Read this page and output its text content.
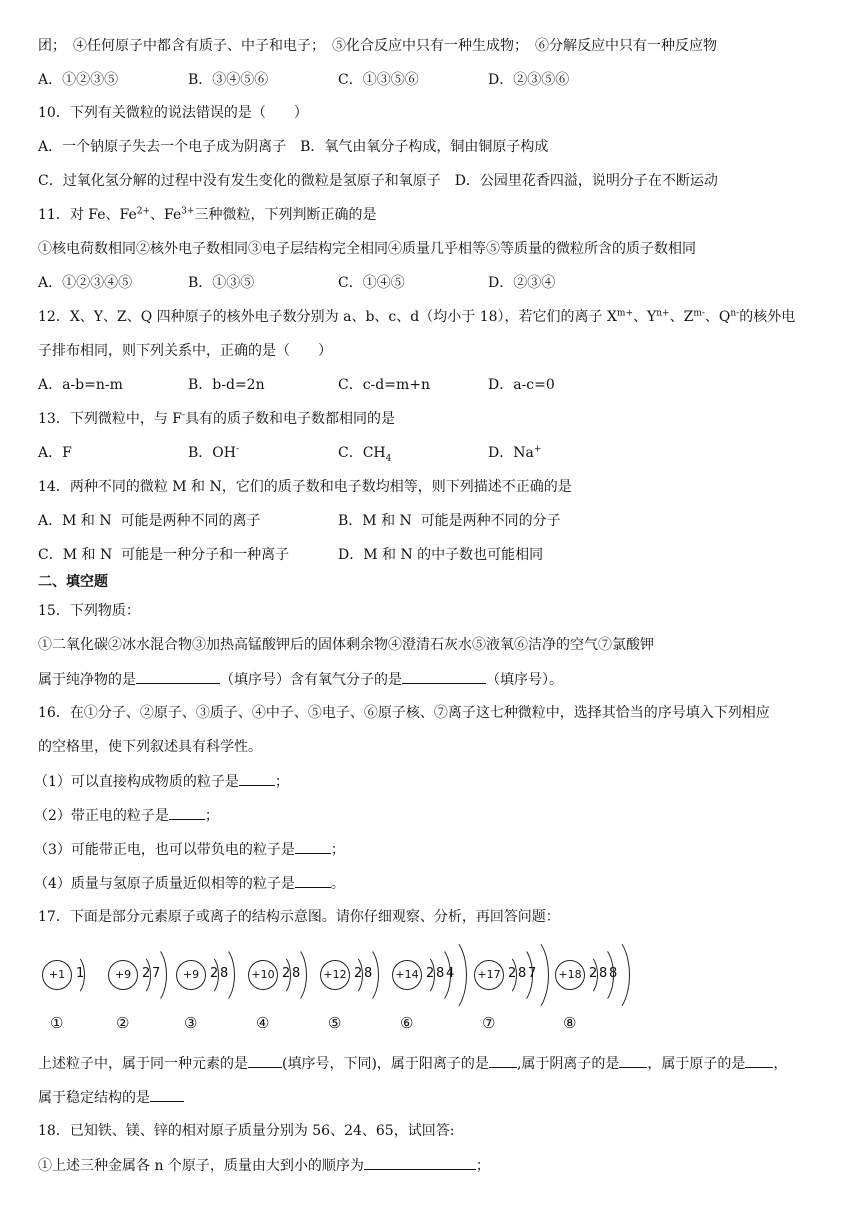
团；　④任何原子中都含有质子、中子和电子；　⑤化合反应中只有一种生成物；　⑥分解反应中只有一种反应物
A．①②③⑤	B．③④⑤⑥	C．①③⑤⑥	D．②③⑤⑥
10．下列有关微粒的说法错误的是（　　）
A．一个钠原子失去一个电子成为阴离子　B．氧气由氧分子构成，铜由铜原子构成
C．过氧化氢分解的过程中没有发生变化的微粒是氢原子和氧原子　D．公园里花香四溢，说明分子在不断运动
11．对 Fe、$Fe^{2+}$、$Fe^{3+}$三种微粒，下列判断正确的是
①核电荷数相同②核外电子数相同③电子层结构完全相同④质量几乎相等⑤等质量的微粒所含的质子数相同
A．①②③④⑤	B．①③⑤	C．①④⑤	D．②③④
12．X、Y、Z、Q 四种原子的核外电子数分别为 a、b、c、d（均小于 18），若它们的离子 $X^{m+}$、$Y^{n+}$、$Z^{m-}$、$Q^{n-}$的核外电
子排布相同，则下列关系中，正确的是（　　）
A．a-b=n-m	B．b-d=2n	C．c-d=m+n	D．a-c=0
13．下列微粒中，与 F-具有的质子数和电子数都相同的是
A．F	B．OH-	C．$CH_4$	D．Na+
14．两种不同的微粒 M 和 N，它们的质子数和电子数均相等，则下列描述不正确的是
A．M 和 N  可能是两种不同的离子	B．M 和 N  可能是两种不同的分子
C．M 和 N  可能是一种分子和一种离子	D．M 和 N 的中子数也可能相同
二、填空题
15．下列物质：
①二氧化碳②冰水混合物③加热高锰酸钾后的固体剩余物④澄清石灰水⑤液氧⑥洁净的空气⑦氯酸钾
属于纯净物的是	（填序号）含有氧气分子的是	（填序号）。
16．在①分子、②原子、③质子、④中子、⑤电子、⑥原子核、⑦离子这七种微粒中，选择其恰当的序号填入下列相应
的空格里，使下列叙述具有科学性。
（1）可以直接构成物质的粒子是	；
（2）带正电的粒子是	；
（3）可能带正电，也可以带负电的粒子是	；
（4）质量与氢原子质量近似相等的粒子是	。
17．下面是部分元素原子或离子的结构示意图。请你仔细观察、分析，再回答问题：
+1 1
①
+9 2 7
②
+9 2 8
③
+10 2 8
④
+12 2 8
⑤
+14 2 8 4
⑥
+17 2 8 7
⑦
+18 2 8 8
⑧
上述粒子中，属于同一种元素的是 (填序号，下同)，属于阳离子的是 ,属于阴离子的是 ，属于原子的是 ，
属于稳定结构的是
18．已知铁、镁、锌的相对原子质量分别为 56、24、65，试回答:
①上述三种金属各 n 个原子，质量由大到小的顺序为	；
